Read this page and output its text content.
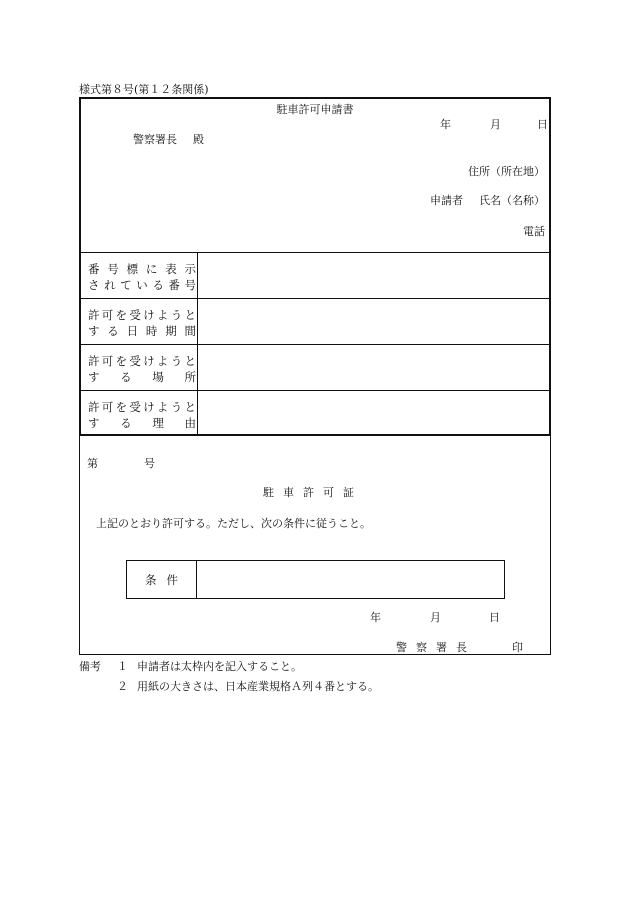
様式第８号(第１２条関係)
駐車許可申請書
年	月	日
警察署長 殿
住所（所在地）
申請者 氏名（名称）
電話
番 号 標 に 表 示
さ れ て い る 番 号
許 可 を 受 け よ う と
す る 日 時 期 間
許 可 を 受 け よ う と
す る 場 所
許 可 を 受 け よ う と
す る 理 由
第	号
駐車許可証
上記のとおり許可する。ただし、次の条件に従うこと。
条件
年	月	日
警察署長	印
備考 １ 申請者は太枠内を記入すること。
２ 用紙の大きさは、日本産業規格Ａ列４番とする。
